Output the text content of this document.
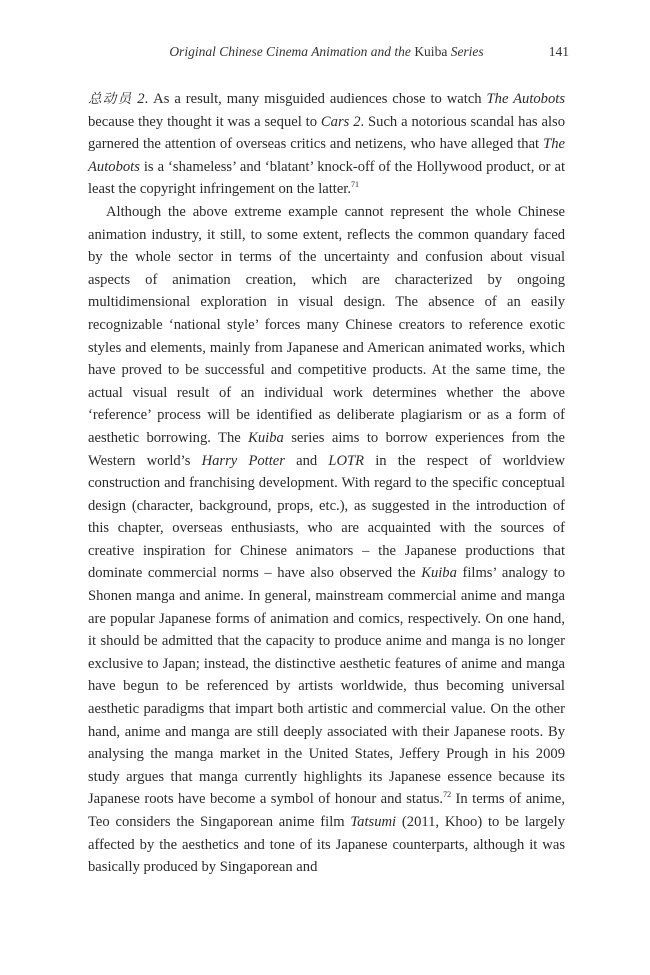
Original Chinese Cinema Animation and the Kuiba Series	141

总动员 2. As a result, many misguided audiences chose to watch The Autobots because they thought it was a sequel to Cars 2. Such a notorious scandal has also garnered the attention of overseas critics and netizens, who have alleged that The Autobots is a ‘shameless’ and ‘blatant’ knock-off of the Hollywood product, or at least the copyright infringement on the latter.$^{71}$

Although the above extreme example cannot represent the whole Chinese animation industry, it still, to some extent, reflects the common quandary faced by the whole sector in terms of the uncertainty and confusion about visual aspects of animation creation, which are characterized by ongoing multidimensional exploration in visual design. The absence of an easily recognizable ‘national style’ forces many Chinese creators to reference exotic styles and elements, mainly from Japanese and American animated works, which have proved to be successful and competitive products. At the same time, the actual visual result of an individual work determines whether the above ‘reference’ process will be identified as deliberate plagiarism or as a form of aesthetic borrowing. The Kuiba series aims to borrow experiences from the Western world’s Harry Potter and LOTR in the respect of worldview construction and franchising development. With regard to the specific conceptual design (character, background, props, etc.), as suggested in the introduction of this chapter, overseas enthusiasts, who are acquainted with the sources of creative inspiration for Chinese animators – the Japanese productions that dominate commercial norms – have also observed the Kuiba films’ analogy to Shonen manga and anime. In general, mainstream commercial anime and manga are popular Japanese forms of animation and comics, respectively. On one hand, it should be admitted that the capacity to produce anime and manga is no longer exclusive to Japan; instead, the distinctive aesthetic features of anime and manga have begun to be referenced by artists worldwide, thus becoming universal aesthetic paradigms that impart both artistic and commercial value. On the other hand, anime and manga are still deeply associated with their Japanese roots. By analysing the manga market in the United States, Jeffery Prough in his 2009 study argues that manga currently highlights its Japanese essence because its Japanese roots have become a symbol of honour and status.$^{72}$ In terms of anime, Teo considers the Singaporean anime film Tatsumi (2011, Khoo) to be largely affected by the aesthetics and tone of its Japanese counterparts, although it was basically produced by Singaporean and
